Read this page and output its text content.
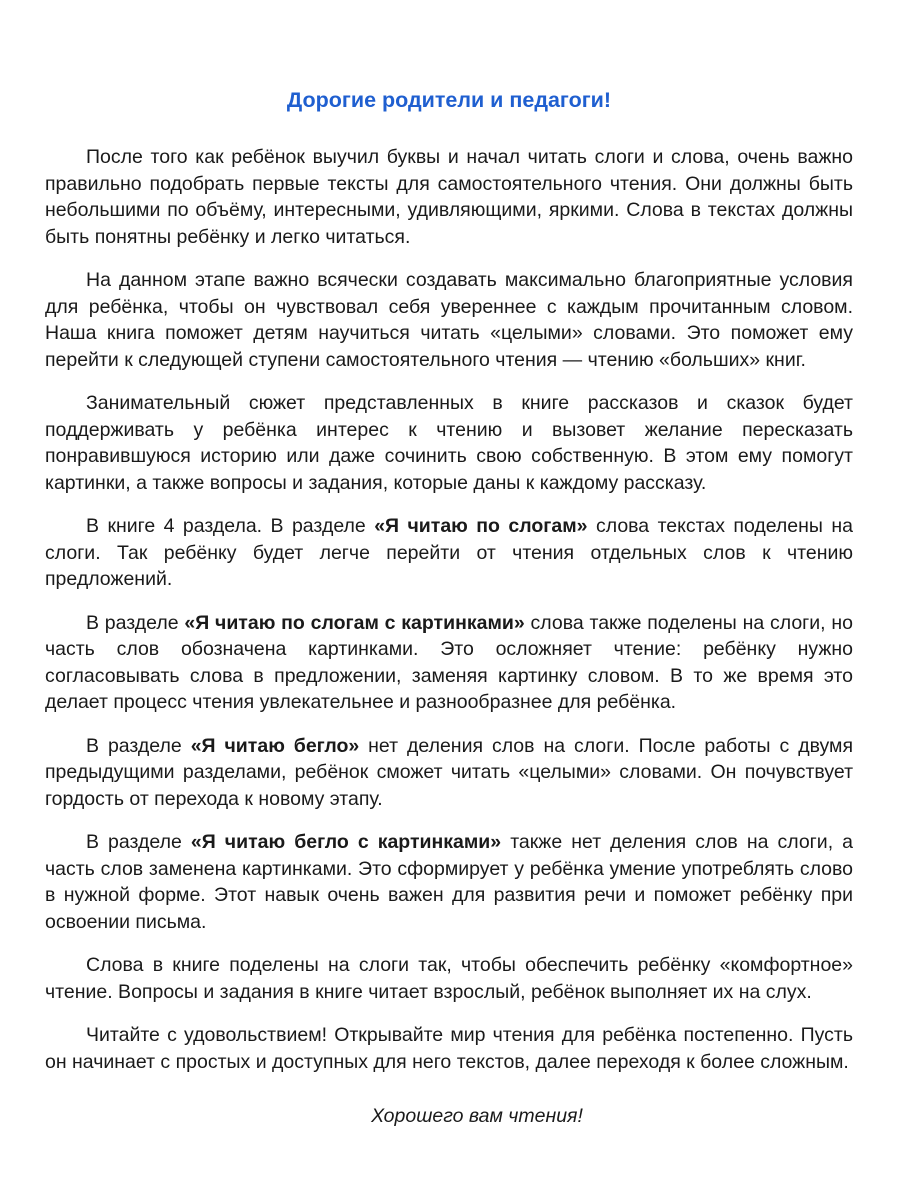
Дорогие родители и педагоги!

После того как ребёнок выучил буквы и начал читать слоги и слова, очень важно правильно подобрать первые тексты для самостоятельного чтения. Они должны быть небольшими по объёму, интересными, удивляющими, яркими. Слова в текстах должны быть понятны ребёнку и легко читаться.

На данном этапе важно всячески создавать максимально благоприятные условия для ребёнка, чтобы он чувствовал себя увереннее с каждым прочитанным словом. Наша книга поможет детям научиться читать «целыми» словами. Это поможет ему перейти к следующей ступени самостоятельного чтения — чтению «больших» книг.

Занимательный сюжет представленных в книге рассказов и сказок будет поддерживать у ребёнка интерес к чтению и вызовет желание пересказать понравившуюся историю или даже сочинить свою собственную. В этом ему помогут картинки, а также вопросы и задания, которые даны к каждому рассказу.

В книге 4 раздела. В разделе «Я читаю по слогам» слова текстах поделены на слоги. Так ребёнку будет легче перейти от чтения отдельных слов к чтению предложений.

В разделе «Я читаю по слогам с картинками» слова также поделены на слоги, но часть слов обозначена картинками. Это осложняет чтение: ребёнку нужно согласовывать слова в предложении, заменяя картинку словом. В то же время это делает процесс чтения увлекательнее и разнообразнее для ребёнка.

В разделе «Я читаю бегло» нет деления слов на слоги. После работы с двумя предыдущими разделами, ребёнок сможет читать «целыми» словами. Он почувствует гордость от перехода к новому этапу.

В разделе «Я читаю бегло с картинками» также нет деления слов на слоги, а часть слов заменена картинками. Это сформирует у ребёнка умение употреблять слово в нужной форме. Этот навык очень важен для развития речи и поможет ребёнку при освоении письма.

Слова в книге поделены на слоги так, чтобы обеспечить ребёнку «комфортное» чтение. Вопросы и задания в книге читает взрослый, ребёнок выполняет их на слух.

Читайте с удовольствием! Открывайте мир чтения для ребёнка постепенно. Пусть он начинает с простых и доступных для него текстов, далее переходя к более сложным.

Хорошего вам чтения!
